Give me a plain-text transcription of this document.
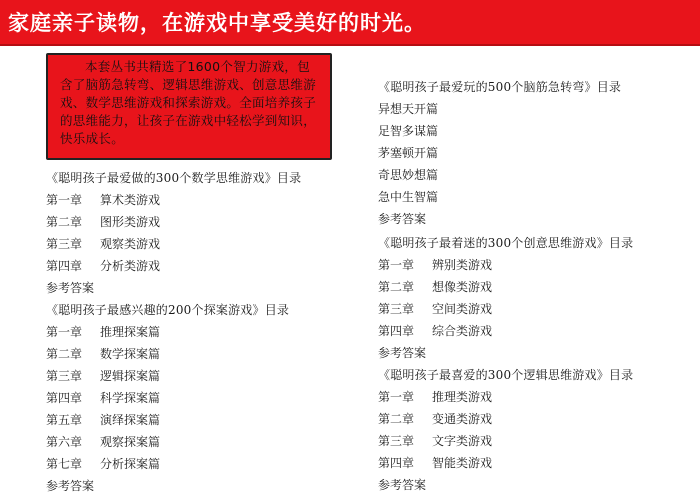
家庭亲子读物，在游戏中享受美好的时光。
本套丛书共精选了1600个智力游戏，包含了脑筋急转弯、逻辑思维游戏、创意思维游戏、数学思维游戏和探索游戏。全面培养孩子的思维能力，让孩子在游戏中轻松学到知识，快乐成长。
《聪明孩子最爱做的300个数学思维游戏》目录
第一章 算术类游戏
第二章 图形类游戏
第三章 观察类游戏
第四章 分析类游戏
参考答案
《聪明孩子最感兴趣的200个探案游戏》目录
第一章 推理探案篇
第二章 数学探案篇
第三章 逻辑探案篇
第四章 科学探案篇
第五章 演绎探案篇
第六章 观察探案篇
第七章 分析探案篇
参考答案
《聪明孩子最爱玩的500个脑筋急转弯》目录
异想天开篇
足智多谋篇
茅塞顿开篇
奇思妙想篇
急中生智篇
参考答案
《聪明孩子最着迷的300个创意思维游戏》目录
第一章 辨别类游戏
第二章 想像类游戏
第三章 空间类游戏
第四章 综合类游戏
参考答案
《聪明孩子最喜爱的300个逻辑思维游戏》目录
第一章 推理类游戏
第二章 变通类游戏
第三章 文字类游戏
第四章 智能类游戏
参考答案
